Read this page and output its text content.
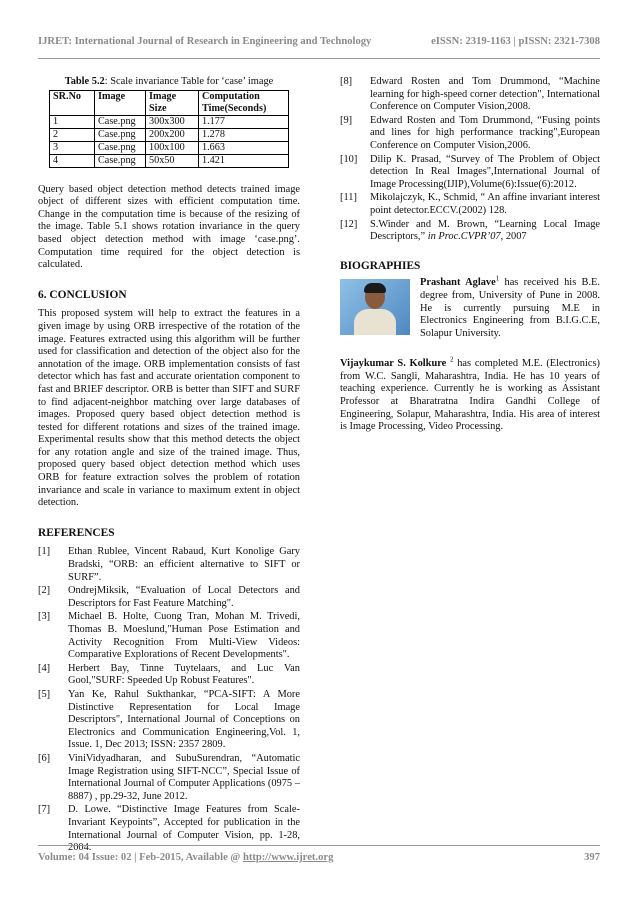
IJRET: International Journal of Research in Engineering and Technology	eISSN: 2319-1163 | pISSN: 2321-7308
Table 5.2: Scale invariance Table for ‘case’ image
SR.No	Image	Image Size	Computation Time(Seconds)
1	Case.png	300x300	1.177
2	Case.png	200x200	1.278
3	Case.png	100x100	1.663
4	Case.png	50x50	1.421

Query based object detection method detects trained image object of different sizes with efficient computation time. Change in the computation time is because of the resizing of the image. Table 5.1 shows rotation invariance in the query based object detection method with image ‘case.png’. Computation time required for the object detection is calculated.

6. CONCLUSION

This proposed system will help to extract the features in a given image by using ORB irrespective of the rotation of the image. Features extracted using this algorithm will be further used for classification and detection of the object also for the annotation of the image. ORB implementation consists of fast detector which has fast and accurate orientation component to fast and BRIEF descriptor. ORB is better than SIFT and SURF to find adjacent-neighbor matching over large databases of images. Proposed query based object detection method is tested for different rotations and sizes of the trained image. Experimental results show that this method detects the object for any rotation angle and size of the trained image. Thus, proposed query based object detection method which uses ORB for feature extraction solves the problem of rotation invariance and scale in variance to maximum extent in object detection.

REFERENCES
[1]	Ethan Rublee, Vincent Rabaud, Kurt Konolige Gary Bradski, “ORB: an efficient alternative to SIFT or SURF”.
[2]	OndrejMiksik, “Evaluation of Local Detectors and Descriptors for Fast Feature Matching".
[3]	Michael B. Holte, Cuong Tran, Mohan M. Trivedi, Thomas B. Moeslund,"Human Pose Estimation and Activity Recognition From Multi-View Videos: Comparative Explorations of Recent Developments".
[4]	Herbert Bay, Tinne Tuytelaars, and Luc Van Gool,"SURF: Speeded Up Robust Features".
[5]	Yan Ke, Rahul Sukthankar, “PCA-SIFT: A More Distinctive Representation for Local Image Descriptors", International Journal of Conceptions on Electronics and Communication Engineering,Vol. 1, Issue. 1, Dec 2013; ISSN: 2357 2809.
[6]	ViniVidyadharan, and SubuSurendran, “Automatic Image Registration using SIFT-NCC”, Special Issue of International Journal of Computer Applications (0975 – 8887) , pp.29-32, June 2012.
[7]	D. Lowe. “Distinctive Image Features from Scale-Invariant Keypoints”, Accepted for publication in the International Journal of Computer Vision, pp. 1-28, 2004.
[8]	Edward Rosten and Tom Drummond, “Machine learning for high-speed corner detection", International Conference on Computer Vision,2008.
[9]	Edward Rosten and Tom Drummond, “Fusing points and lines for high performance tracking",European Conference on Computer Vision,2006.
[10]	Dilip K. Prasad, “Survey of The Problem of Object detection In Real Images",International Journal of Image Processing(IJIP),Volume(6):Issue(6):2012.
[11]	Mikolajczyk, K., Schmid, “ An affine invariant interest point detector.ECCV.(2002) 128.
[12]	S.Winder and M. Brown, “Learning Local Image Descriptors,” in Proc.CVPR’07, 2007
BIOGRAPHIES
Prashant Aglave$^1$ has received his B.E. degree from, University of Pune in 2008. He is currently pursuing M.E in Electronics Engineering from B.I.G.C.E, Solapur University.

Vijaykumar S. Kolkure $^2$ has completed M.E. (Electronics) from W.C. Sangli, Maharashtra, India. He has 10 years of teaching experience. Currently he is working as Assistant Professor at Bharatratna Indira Gandhi College of Engineering, Solapur, Maharashtra, India. His area of interest is Image Processing, Video Processing.

Volume: 04 Issue: 02 | Feb-2015, Available @ http://www.ijret.org	397
